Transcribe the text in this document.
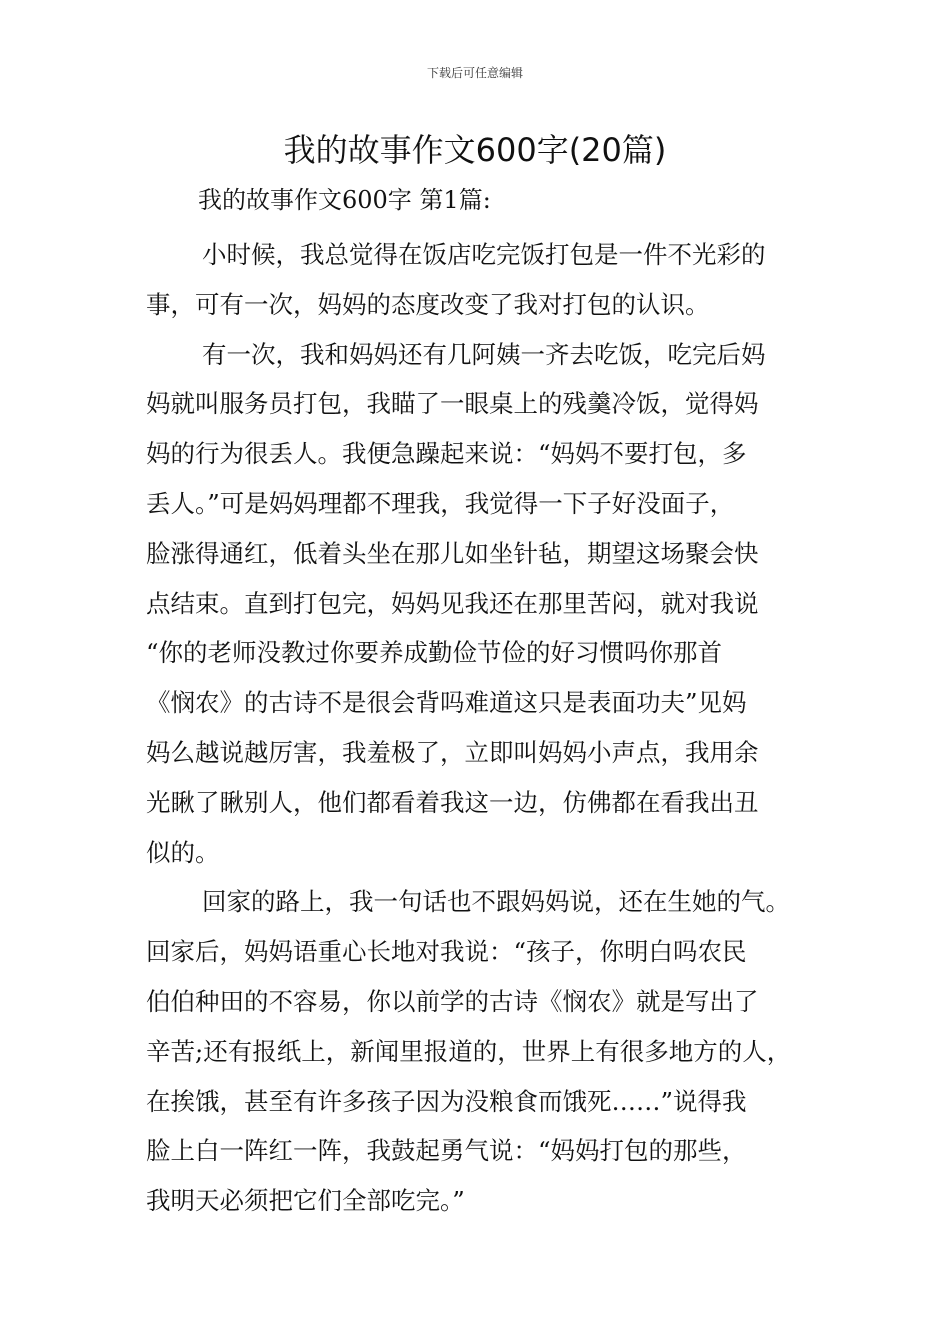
下载后可任意编辑
我的故事作文600字(20篇)
我的故事作文600字 第1篇:
小时候，我总觉得在饭店吃完饭打包是一件不光彩的
事，可有一次，妈妈的态度改变了我对打包的认识。
有一次，我和妈妈还有几阿姨一齐去吃饭，吃完后妈
妈就叫服务员打包，我瞄了一眼桌上的残羹冷饭，觉得妈
妈的行为很丢人。我便急躁起来说：“妈妈不要打包，多
丢人。”可是妈妈理都不理我，我觉得一下子好没面子，
脸涨得通红，低着头坐在那儿如坐针毡，期望这场聚会快
点结束。直到打包完，妈妈见我还在那里苦闷，就对我说
“你的老师没教过你要养成勤俭节俭的好习惯吗你那首
《悯农》的古诗不是很会背吗难道这只是表面功夫”见妈
妈么越说越厉害，我羞极了，立即叫妈妈小声点，我用余
光瞅了瞅别人，他们都看着我这一边，仿佛都在看我出丑
似的。
回家的路上，我一句话也不跟妈妈说，还在生她的气。
回家后，妈妈语重心长地对我说：“孩子，你明白吗农民
伯伯种田的不容易，你以前学的古诗《悯农》就是写出了
辛苦;还有报纸上，新闻里报道的，世界上有很多地方的人，
在挨饿，甚至有许多孩子因为没粮食而饿死……”说得我
脸上白一阵红一阵，我鼓起勇气说：“妈妈打包的那些，
我明天必须把它们全部吃完。”
